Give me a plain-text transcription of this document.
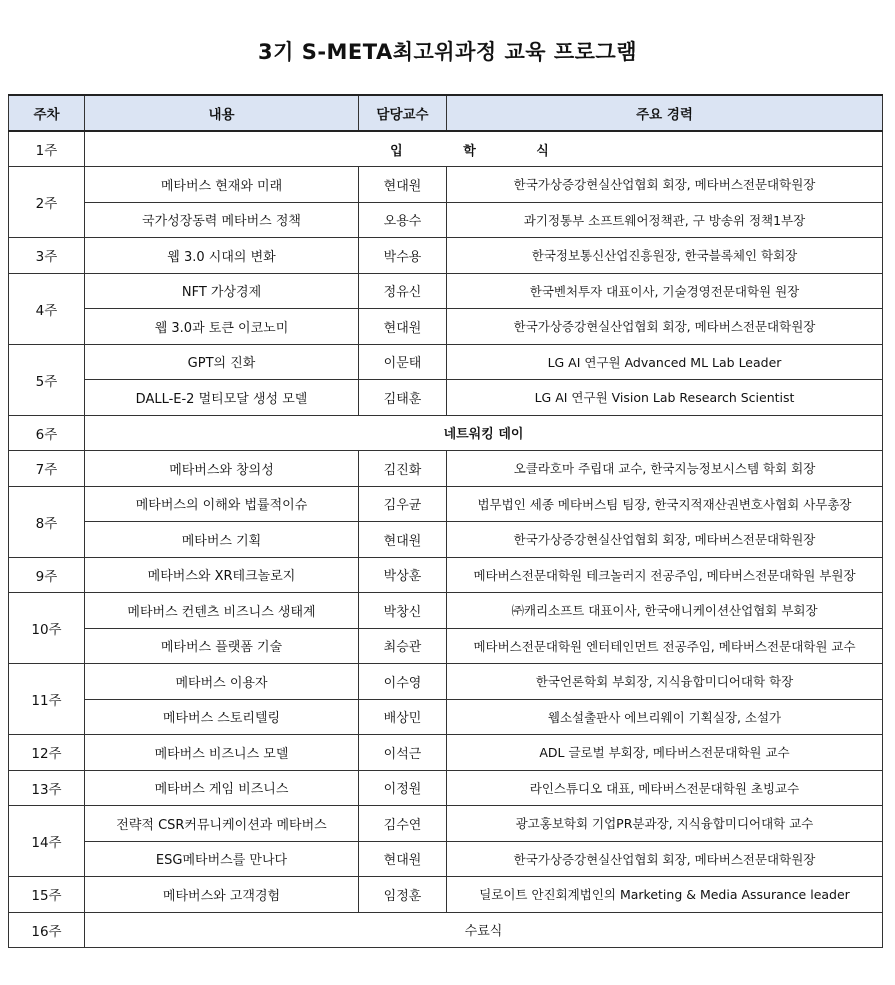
3기 S-META최고위과정 교육 프로그램
주차	내용	담당교수	주요 경력
1주	입 학 식		
2주	메타버스 현재와 미래	현대원	한국가상증강현실산업협회 회장, 메타버스전문대학원장
	국가성장동력 메타버스 정책	오용수	과기정통부 소프트웨어정책관, 구 방송위 정책1부장
3주	웹 3.0 시대의 변화	박수용	한국정보통신산업진흥원장, 한국블록체인 학회장
4주	NFT 가상경제	정유신	한국벤처투자 대표이사, 기술경영전문대학원 원장
	웹 3.0과 토큰 이코노미	현대원	한국가상증강현실산업협회 회장, 메타버스전문대학원장
5주	GPT의 진화	이문태	LG AI 연구원 Advanced ML Lab Leader
	DALL-E-2 멀티모달 생성 모델	김태훈	LG AI 연구원 Vision Lab Research Scientist
6주	네트워킹 데이		
7주	메타버스와 창의성	김진화	오클라호마 주립대 교수, 한국지능정보시스템 학회 회장
8주	메타버스의 이해와 법률적이슈	김우균	법무법인 세종 메타버스팀 팀장, 한국지적재산권변호사협회 사무총장
	메타버스 기획	현대원	한국가상증강현실산업협회 회장, 메타버스전문대학원장
9주	메타버스와 XR테크놀로지	박상훈	메타버스전문대학원 테크놀러지 전공주임, 메타버스전문대학원 부원장
10주	메타버스 컨텐츠 비즈니스 생태계	박창신	㈜캐리소프트 대표이사, 한국애니케이션산업협회 부회장
	메타버스 플랫폼 기술	최승관	메타버스전문대학원 엔터테인먼트 전공주임, 메타버스전문대학원 교수
11주	메타버스 이용자	이수영	한국언론학회 부회장, 지식융합미디어대학 학장
	메타버스 스토리텔링	배상민	웹소설출판사 에브리웨이 기획실장, 소설가
12주	메타버스 비즈니스 모델	이석근	ADL 글로벌 부회장, 메타버스전문대학원 교수
13주	메타버스 게임 비즈니스	이정원	라인스튜디오 대표, 메타버스전문대학원 초빙교수
14주	전략적 CSR커뮤니케이션과 메타버스	김수연	광고홍보학회 기업PR분과장, 지식융합미디어대학 교수
	ESG메타버스를 만나다	현대원	한국가상증강현실산업협회 회장, 메타버스전문대학원장
15주	메타버스와 고객경험	임정훈	딜로이트 안진회계법인의 Marketing & Media Assurance leader
16주	수료식		
